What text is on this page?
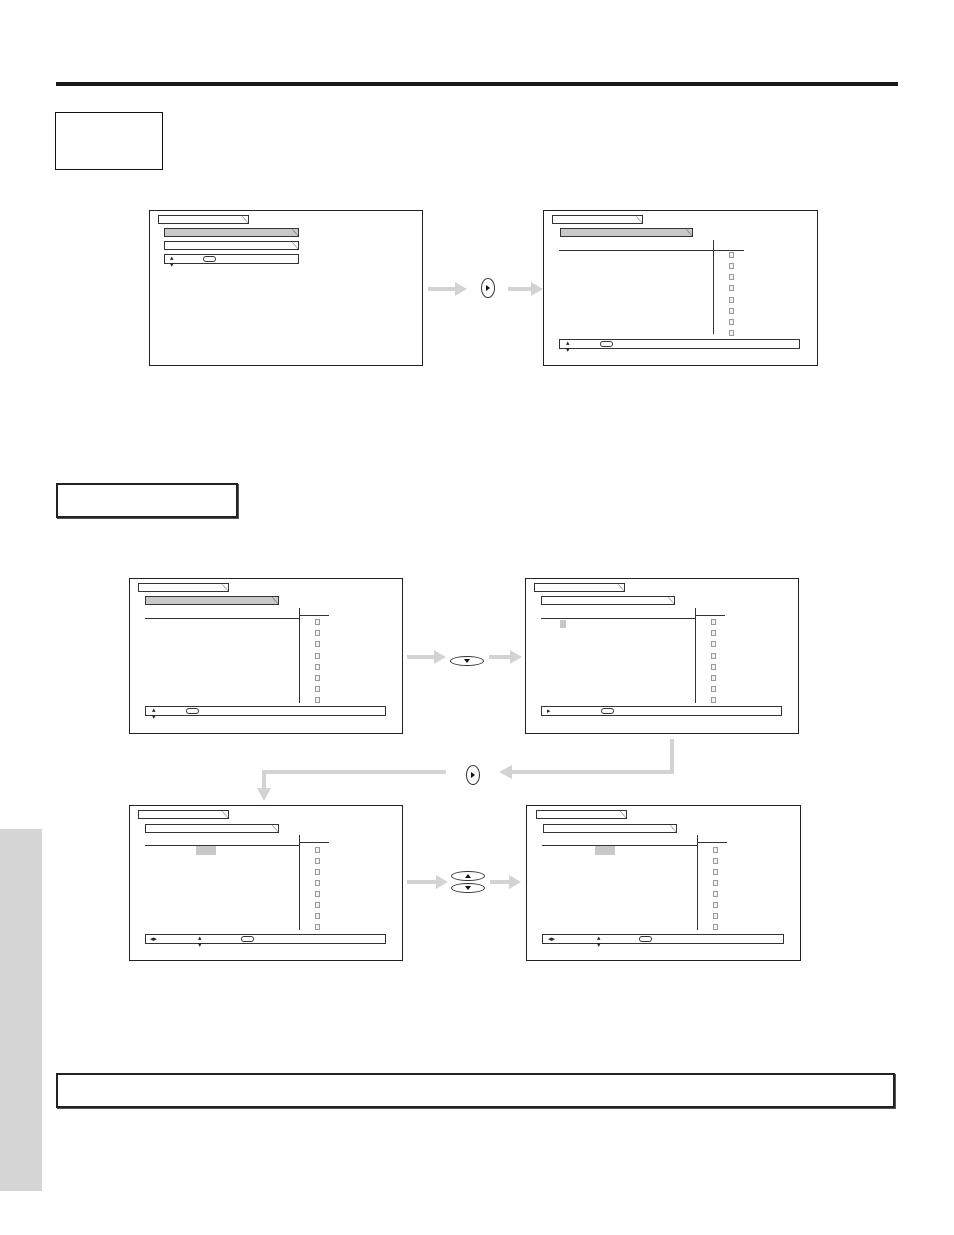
▴
▾
▴
▾
▴
▾
▸
◂▸	▴
▾
◂▸	▴
▾
